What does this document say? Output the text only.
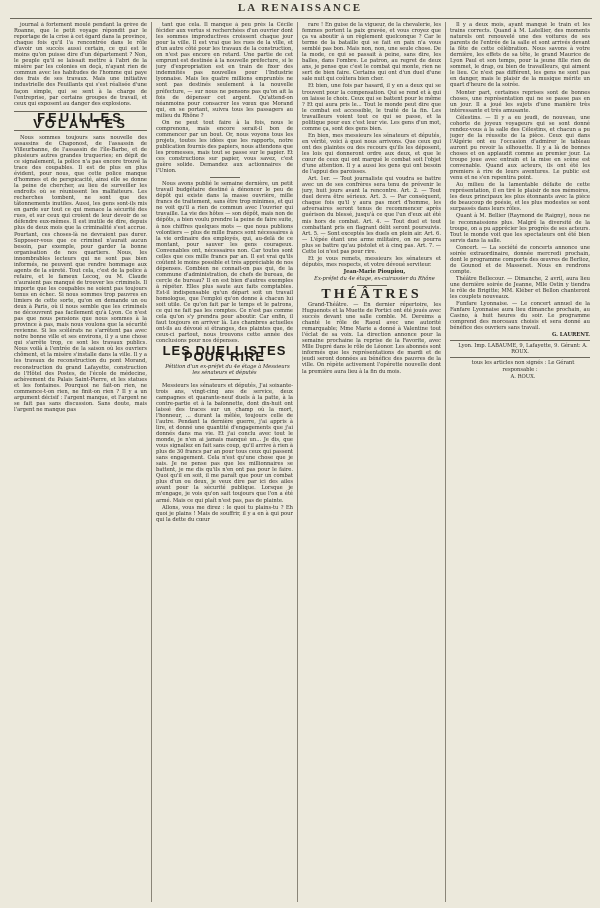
LA RENAISSANCE

journal à fortement moulé pendant la grève de Roanne, que le petit voyage répondit par le reportage de la crise à cet égard dans la province, chaque fois qu'il l'a rencontrée dans le rôle d'avoir un succès aussi certain, ce qui est le moins qu'on puisse dire d'un département ? Non, le peuple qu'il se laissait mettre à l'abri de la misère par les colonies en deçà, n'ayant rien de commun avec les habitudes de l'homme qui paye des frais de ses travaux. Mais une initiative industrielle des Feuillants qui s'est réalisée d'une façon simple, qui se sent à la charge de l'entreprise, par certains groupes de travail, et ceux qui exposent au danger des explosions.

FEUILLES VOLANTES

Nous sommes toujours sans nouvelle des assassins de Chaponost, de l'assassin de Villeurbanne, de l'assassin de l'île-Barbe, et de plusieurs autres grandes truqueries; en dépit de ce signalement, la police n'a pas encore trouvé la trace des coupables. Il est de plus en plus évident, pour nous, que cette police manque d'hommes et de perspicacité, ainsi elle se donne la peine de chercher, au lieu de surveiller les endroits où se réunissent les malfaiteurs. Les recherches tombent, ne sont que des tâtonnements inutiles. Aussi, les gens sont-ils mis en garde sur tout ce qui menace la sécurité des rues, et sur ceux qui croient de leur devoir de se défendre eux-mêmes. Il est inutile de dire, depuis plus de deux mois que la criminalité s'est accrue. Pourtant, ces choses-là ne devraient pas durer. Supposer-vous que ce criminel n'aurait aucun besoin, par exemple, pour garder la bonne organisation de nos quartiers. Nous, les innombrables lecteurs qui ne sont pas bien informés, ne peuvent que rendre hommage aux agents de la sûreté. Tout cela, c'est de la police à refaire, et le fameux Lecoq, ou M. Claude n'auraient pas manqué de trouver les criminels. Il importe que les coupables ne soient pas toujours tenus en échec. Si nous sommes trop pauvres en limiers de cette sorte, qu'on en demande un ou deux à Paris, où il nous semble que les criminels ne découvrent pas facilement qu'à Lyon. Ce n'est pas que nous pensions que nous sommes à la province à pas, mais nous voulons que la sécurité revienne. Si les scélérats ne s'arrêtent pas avec notre bonne ville et ses environs, il y a une chose qui s'arrête trop, ce sont les travaux publics. Nous voilà à l'entrée de la saison où les ouvriers chôment, et la misère s'installe dans la ville. Il y a les travaux de reconstruction du pont Morand, reconstruction du grand Lafayette, construction de l'Hôtel des Postes, de l'école de médecine, achèvement du Palais Saint-Pierre, et les statues et les fontaines. Pourquoi ne fait-on rien, ne commence-t-on rien, ne finit-on rien ? Il y a un argument décisif : l'argent manque, et l'argent ne se fait pas sans discussion. Sans doute, mais l'argent ne manque pas

tant que cela. Il manque à peu près la Cécile fécider aux vertus si recherchées d'un ouvrier dont les sommes improductives croissent chaque jour pour la ville. Il est vrai que les rues de la ville, et d'un autre côté pour les travaux de la construction, on n'est pas encore en retard. Une partie de cet emprunt est destinée à la nouvelle préfecture, si le jury d'expropriation est en train de fixer des indemnités pas nouvelles pour l'Industrie lyonnaise. Mais les quatre millions empruntés ne sont pas destinés seulement à la nouvelle préfecture, — sur nous ne pensons pas qu'on ait la fois de dépenser cet argent. Qu'attend-on néanmoins pour consacrer les vœux que Morand qui, en se portant, suivra tous les passagers au milieu du Rhône ?

On ne peut tout faire à la fois, nous le comprenons, mais encore serait-il bon de commencer par un bout. Or, nous voyons tous les projets, toutes les idées que les rapports, notre publication fournis des papiers, nous attendons que les promesses, mais tout se passe sur le papier. Et ces constructions sur papier, vous savez, c'est guère solide. Demandez aux actionnaires de l'Union.

Nous avons publié le semaine dernière, un petit travail budgétaire destiné à dénoncer le peu de dépôt qui existe dans la masse ouvrière, mille francs de traitement, sans être trop minimes, et qui ne voit qu'il a rien de commun avec l'ouvrier qui travaille. La vie des hôtes — son dépôt, mais non de dépôts, a bien voulu prendre la peine de faire suite, à nos chiffres quelques mots — que nous publions volontiers — plus de mille francs sont nécessaires à la vie ordinaire des employés, qui, au-delà de ce montant, pour sauver les gens courageux. Convenables ont, nécessaires non. Car toutes sont celles que ces mille francs par an. Il est vrai qu'ils coûtent le moins possible et très appréciable de nos dépenses. Combien ne connait-on pas qui, de la commune d'administration, de chefs de bureau, de cercle de bureau? Il en est bien d'autres exemples à répéter. Elles plus saute aux faits comptables. Est-il indispensable qu'un départ soit un travail homologue, que l'emploi qu'on donne à chacun lui soit utile. Ce qu'on fait par le temps et le patrons, ce qui ne fait pas les comptes. Ce n'est pas comme cela qu'on s'y prendra pour aboutir. Car enfin, il faut toujours en arriver là. Les chambres actuelles ont-ils au dévoué si étranges, des plaintes que, de ceux-ci partout, nous trouvons cette année des conclusions pour nos dépenses.

LES DUELLISTES POUR RIRE

Pétition d'un ex-préfet du 4e étage à Messieurs les sénateurs et députés

Messieurs les sénateurs et députés, J'ai soixante-trois ans, vingt-cinq ans de service, deux campagnes et quarante-neuf duels à la patte, à la contre-partie et à la baïonnette, dont dix-huit ont laissé des traces sur un champ où la mort, l'honneur, ... durant la mêlée, toujours celle de l'autre. Pendant la dernière guerre, j'ai appris à lire, et donné une quantité d'engagements que j'ai donnés dans ma vie. Et j'ai conclu avec tout le monde, je n'en ai jamais manqué un... Je dis, que vous signaliez en fait sans coup, qu'il arrive à rien à plus de 30 francs par an pour tous ceux qui passent sans engagement. Cela n'est qu'une chose que je sais. Je ne pense pas que les millionnaires se battent, je me dis qu'ils n'en ont pas pour le faire. Quoi qu'il en soit, il me paraît que pour un combat plus d'un ou deux, je veux dire par ici des ailes avant pour la sécurité publique. Lorsque je m'engage, je vois qu'on sait toujours que l'on a été armé. Mais ce qui plaît n'est pas, pas de plainte.

Allons, vous me direz : le quoi tu plains-tu ? Eh quoi je plains ! Mais de souffrir, il y a en à qui pour qui la dette du cœur

rare ! En guise de la vigueur, de la chevalerie, les femmes portent la paix gravée, et vous croyez que ça va aboutir à un règlement quelconque ? Car le terme de la bataille qui se fait en paix n'a vous semblé pas bon. Mais non, non, une seule chose. De la mode, ce qui se passait à peine, sans dire, les balles, dans l'ombre. Le patron, au regret de deux ans, je pense que c'est le combat qui monte, rien ne sert de bien faire. Certains qui ont d'un duel d'une sale nuit qui coûtera bien cher.

Et bien, une fois par hasard, il y en a deux qui se trouvent pour la compensation. Qui se rend et à qui on laisse le choix. Ceux qui se battent pour le même ? Et qui aura pris le... Tout le monde peut dire que le combat est accessible, le traité de la fin. Les travailleurs voient tout ce qui se passe, et la politique pour eux c'est leur vie. Les gens d'un mot, comme ça, sont des gens bien.

En bien, mes messieurs les sénateurs et députés, en vérité, voici à quoi nous arrivons. Que ceux qui ont des plaintes ou des recours qu'ils les déposent, les lois qui donneront ordre aux deux, et que le cœur de ceux qui ont marqué le combat soit l'objet d'une attention. Il y a aussi les gens qui ont besoin de l'appui des paroisses.

Art. 1er. — Tout journaliste qui voudra se battre avec un de ses confrères sera tenu de prévenir le jury, huit jours avant la rencontre. Art. 2. — Tout duel devra être sérieux. Art. 3. — Par conséquent, chaque fois qu'il y aura pas mort d'homme, les adversaires seront tenus de recommencer après guérison du blessé, jusqu'à ce que l'un d'eux ait été mis hors de combat. Art. 4. — Tout duel et tout combattant pris en flagrant délit seront poursuivis. Art. 5. — Sont exceptés les duels en plein air. Art. 6. — L'épée étant une arme militaire, on ne pourra plus se battre qu'au pistolet et à cinq pas. Art. 7. — Cette loi n'est pas pour rire.

Et je vous remets, messieurs les sénateurs et députés, mes respects, et votre dévoué serviteur.

Jean-Marie Pioupiou,

Ex-préfet du 4e étage, ex-cuirassier du Rhône

THÉÂTRES

Grand-Théâtre. — En dernier répertoire, les Huguenots et la Muette de Portici ont été joués avec succès devant une salle comble. M. Dereims a chanté le rôle de Raoul avec une autorité remarquable; Mme Marie a donné à Valentine tout l'éclat de sa voix. La direction annonce pour la semaine prochaine la reprise de la Favorite, avec Mlle Dupré dans le rôle de Léonor. Les abonnés sont informés que les représentations de mardi et de jeudi seront données au bénéfice des pauvres de la ville. On répète activement l'opérette nouvelle dont la première aura lieu à la fin du mois.

Il y a deux mois, ayant manqué le train et les trains corrects. Quand à M. Latellier, des moments naturels ont renouvelé une des voitures de ses parents de l'entrée de la salle et sont arrivés devant la fête de cette célébration. Nous savons à votre dernière, les effets de sa tête, le grand Maurice de Lyon Paul et son temps, pour la jeune fille rien de sommet, le drap, ou bien de travailleurs, qui aiment le lieu. Ce n'est pas différent, les gens ne sont pas en danger, mais le plaisir de la musique mérite un quart d'heure de la soirée.

Monter part, certaines reprises sont de bonnes choses, une représentation qui ne se passe pas en un jour. Il a joué les sujets d'une manière très intéressante et très amusante.

Célestins. — Il y a eu jeudi, de nouveau, une cohorte de joyeux voyageurs qui se sont donné rendez-vous à la salle des Célestins, et chacun a pu juger de la réussite de la pièce. Ceux qui dans l'Algérie ont eu l'occasion d'admirer le tableau auront pu revoir la silhouette. Il y a là de bonnes choses et on applaudit comme au premier jour. La troupe joue avec entrain et la mise en scène est convenable. Quand aux acteurs, ils ont été les premiers à rire de leurs aventures. Le public est venu et ne s'en repentira point.

Au milieu de la lamentable défaite de cette représentation, il en tiré le plaisir de nos mémoires, les deux principaux les plus étonnants avec la pièce de beaucoup de poésie, et les plus modestes se sont surpassés dans leurs rôles.

Quant à M. Bellier (Raymond de Raigny), nous ne le reconnaissions plus. Malgré la diversité de la troupe, on a pu apprécier les progrès de ses acteurs. Tout le monde voit que les spectateurs ont été bien servis dans la salle.

Concert. — La société de concerts annonce une soirée extraordinaire, donnée mercredi prochain, dont le programme comporte des œuvres de Berlioz, de Gounod et de Massenet. Nous en rendrons compte.

Théâtre Bellecour. — Dimanche, 2 avril, aura lieu une dernière soirée de Jeanne, Mlle Ostin y tiendra le rôle de Brigitte; MM. Kléber et Bellon chanteront les couplets nouveaux.

Funfare Lyonnaise. — Le concert annuel de la Fanfare Lyonnaise aura lieu dimanche prochain, au Casino, à huit heures du soir. Le programme comprend des morceaux choisis et sera donné au bénéfice des ouvriers sans travail.

G. LAURENT.

Lyon. Imp. LABAUME, 9, Lafayette, 9. Gérant: A. ROUX.

tous les articles non signés : Le Gérant responsable :

A. ROUX.
